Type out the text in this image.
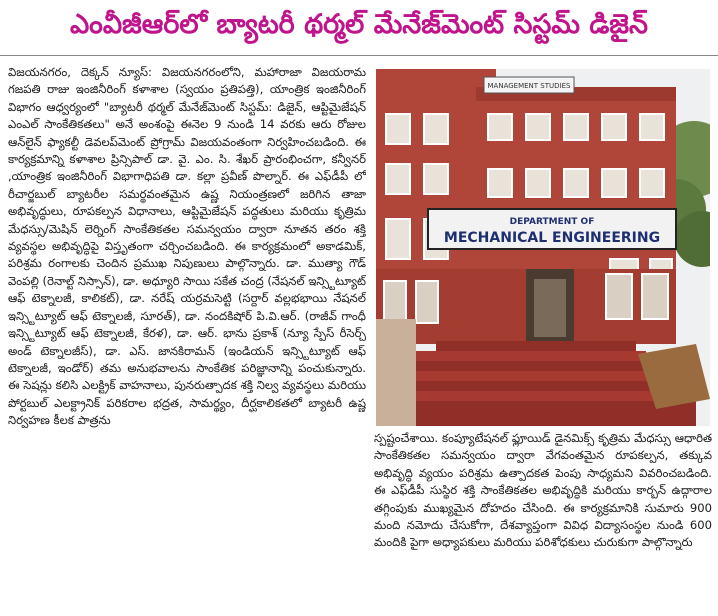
ఎంవీజీఆర్‌లో బ్యాటరీ థర్మల్ మేనేజ్‌మెంట్ సిస్టమ్ డిజైన్
విజయనగరం, దెక్కన్ న్యూస్: విజయనగరంలోని, మహారాజా విజయరామ గజపతి రాజు ఇంజినీరింగ్ కళాశాల (స్వయం ప్రతిపత్తి), యాంత్రిక ఇంజినీరింగ్ విభాగం ఆధ్వర్యంలో "బ్యాటరీ థర్మల్ మేనేజ్‌మెంట్ సిస్టమ్: డిజైన్, ఆప్టిమైజేషన్ ఎంఎల్ సాంకేతికతలు" అనే అంశంపై ఈనెల 9 నుండి 14 వరకు ఆరు రోజుల ఆన్‌లైన్ ఫ్యాకల్టీ డెవలప్‌మెంట్ ప్రోగ్రామ్ విజయవంతంగా నిర్వహించబడింది. ఈ కార్యక్రమాన్ని కళాశాల ప్రిన్సిపాల్ డా. వై. ఎం. సి. శేఖర్ ప్రారంభించగా, కన్వీనర్ ,యాంత్రిక ఇంజినీరింగ్ విభాగాధిపతి డా. కల్లా ప్రవీణ్ పొల్నార్. ఈ ఎఫ్‌డీపీ లో రీచార్జబుల్ బ్యాటరీల సమర్థవంతమైన ఉష్ణ నియంత్రణలో జరిగిన తాజా అభివృద్ధులు, రూపకల్పన విధానాలు, ఆప్టిమైజేషన్ పద్ధతులు మరియు కృత్రిమ మేధస్సు/మెషిన్ లెర్నింగ్ సాంకేతికతల సమన్వయం ద్వారా నూతన తరం శక్తి వ్యవస్థల అభివృద్ధిపై విస్తృతంగా చర్చించబడింది. ఈ కార్యక్రమంలో అకాడమిక్, పరిశ్రమ రంగాలకు చెందిన ప్రముఖ నిపుణులు పాల్గొన్నారు. డా. ముత్యా గౌడ్ వెంపల్లి (రెనాల్ట్ నిస్సాన్), డా. అధ్యూరి సాయి సకేత చంద్ర (నేషనల్ ఇన్స్టిట్యూట్ ఆఫ్ టెక్నాలజీ, కాలికట్), డా. నరేష్ యర్రమసెట్టి (సర్దార్ వల్లభభాయి నేషనల్ ఇన్స్టిట్యూట్ ఆఫ్ టెక్నాలజీ, సూరత్), డా. నందకిషోర్ పి.వి.ఆర్. (రాజీవ్ గాంధీ ఇన్స్టిట్యూట్ ఆఫ్ టెక్నాలజీ, కేరళ), డా. ఆర్. భాను ప్రకాశ్ (న్యూ స్పేస్ రీసెర్చ్ అండ్ టెక్నాలజీస్), డా. ఎస్. జానకిరామన్ (ఇండియన్ ఇన్స్టిట్యూట్ ఆఫ్ టెక్నాలజీ, ఇండోర్) తమ అనుభవాలను సాంకేతిక పరిజ్ఞానాన్ని పంచుకున్నారు. ఈ సెషన్లు కలిసి ఎలక్ట్రిక్ వాహనాలు, పునరుత్పాదక శక్తి నిల్వ వ్యవస్థలు మరియు పోర్టబుల్ ఎలక్ట్రానిక్ పరికరాల భద్రత, సామర్థ్యం, దీర్ఘకాలికతలో బ్యాటరీ ఉష్ణ నిర్వహణ కీలక పాత్రను
MANAGEMENT STUDIES
DEPARTMENT OF
MECHANICAL ENGINEERING
స్పష్టంచేశాయి. కంప్యూటేషనల్ ఫ్లూయిడ్ డైనమిక్స్ కృత్రిమ మేధస్సు ఆధారిత సాంకేతికతల సమన్వయం ద్వారా వేగవంతమైన రూపకల్పన, తక్కువ అభివృద్ధి వ్యయం పరిశ్రమ ఉత్పాదకత పెంపు సాధ్యమని వివరించబడింది. ఈ ఎఫ్‌డీపీ సుస్థిర శక్తి సాంకేతికతల అభివృద్ధికి మరియు కార్బన్ ఉద్గారాల తగ్గింపుకు ముఖ్యమైన దోహదం చేసింది. ఈ కార్యక్రమానికి సుమారు 900 మంది నమోదు చేసుకోగా, దేశవ్యాప్తంగా వివిధ విద్యాసంస్థల నుండి 600 మందికి పైగా అధ్యాపకులు మరియు పరిశోధకులు చురుకుగా పాల్గొన్నారు
